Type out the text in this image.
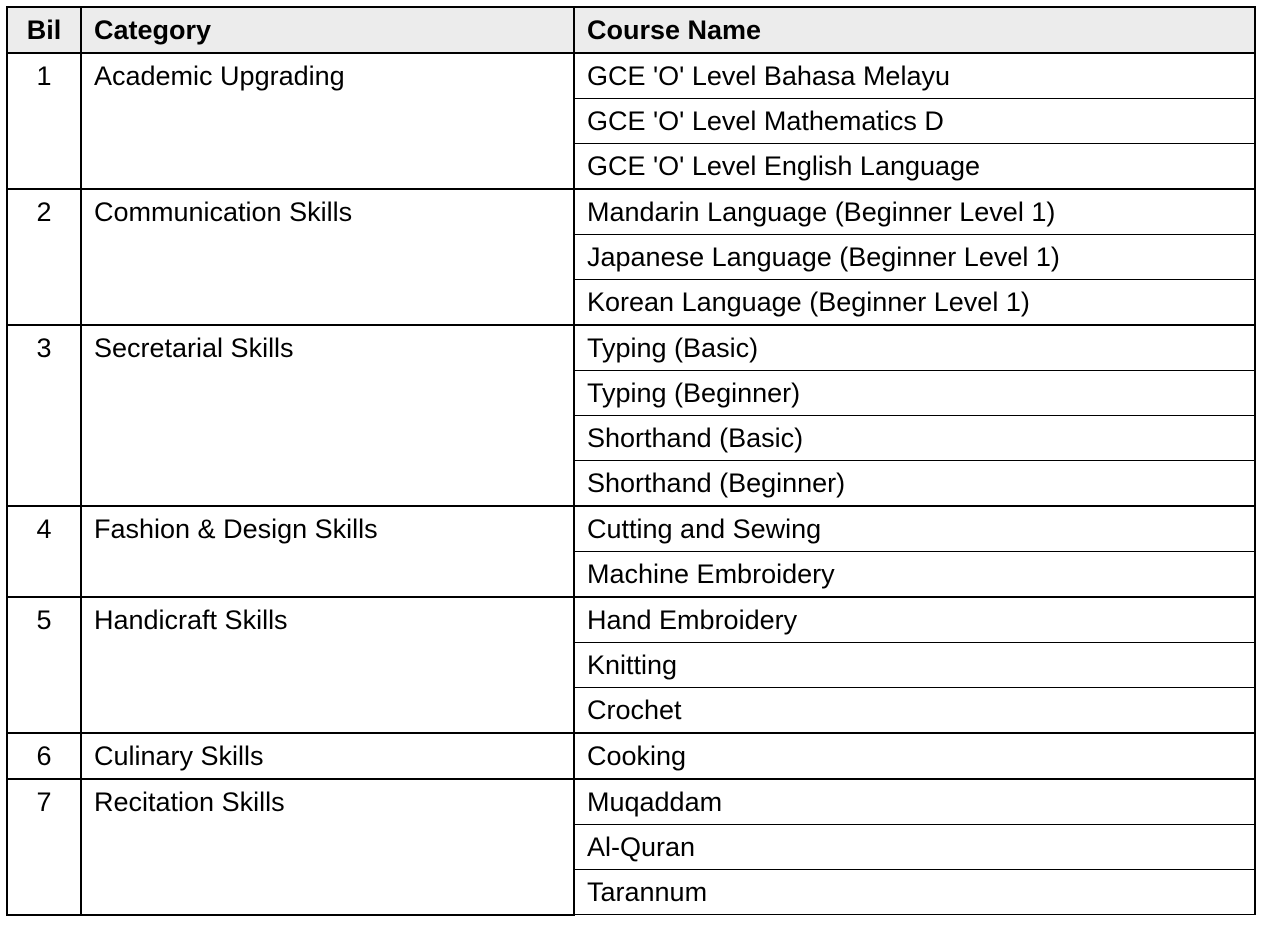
Bil	Category	Course Name
1	Academic Upgrading	GCE 'O' Level Bahasa Melayu
		GCE 'O' Level Mathematics D
		GCE 'O' Level English Language
2	Communication Skills	Mandarin Language (Beginner Level 1)
		Japanese Language (Beginner Level 1)
		Korean Language (Beginner Level 1)
3	Secretarial Skills	Typing (Basic)
		Typing (Beginner)
		Shorthand (Basic)
		Shorthand (Beginner)
4	Fashion & Design Skills	Cutting and Sewing
		Machine Embroidery
5	Handicraft Skills	Hand Embroidery
		Knitting
		Crochet
6	Culinary Skills	Cooking
7	Recitation Skills	Muqaddam
		Al-Quran
		Tarannum
